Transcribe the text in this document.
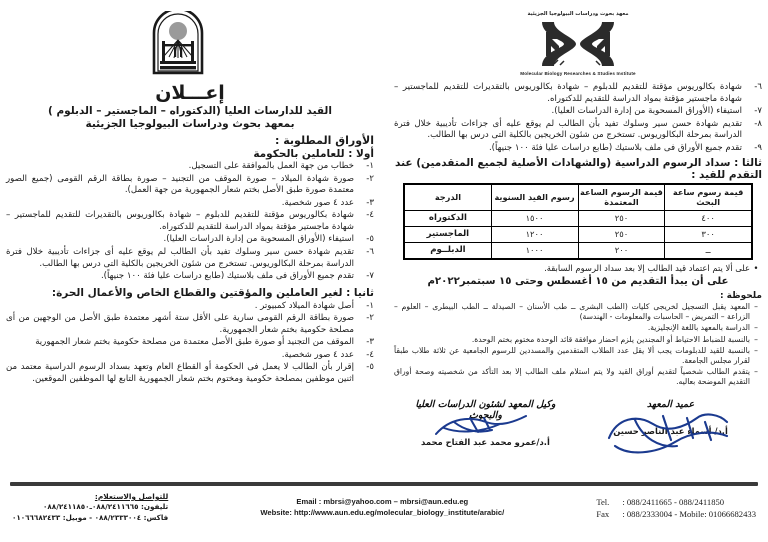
إعـــلان
القيد للدارسات العليا (الدكتوراه – الماجستير – الدبلوم )
بمعهد بحوث ودراسات البيولوجيا الجزيئية
الأوراق المطلوبة :
أولا : للعاملين بالحكومة
١-
خطاب من جهة العمل بالموافقة على التسجيل.
٢-
صورة شهادة الميلاد – صورة الموقف من التجنيد – صورة بطاقة الرقم القومى (جميع الصور معتمدة صورة طبق الأصل بختم شعار الجمهورية من جهة العمل).
٣-
عدد ٤ صور شخصية.
٤-
شهادة بكالوريوس مؤقتة للتقديم للدبلوم – شهادة بكالوريوس بالتقديرات للتقديم للماجستير – شهادة ماجستير مؤقتة بمواد الدراسة للتقديم للدكتوراه.
٥-
استيفاء (الأوراق المسحوبة من إدارة الدراسات العليا).
٦-
تقديم شهادة حسن سير وسلوك تفيد بأن الطالب لم يوقع عليه أى جزاءات تأديبية خلال فترة الدراسة بمرحلة البكالوريوس. تستخرج من شئون الخريجين بالكلية التى درس بها الطالب.
٧-
تقدم جميع الأوراق فى ملف بلاستيك (طابع دراسات عليا فئة ١٠٠ جنيهاً).
ثانيا : لغير العاملين والمؤقتين والقطاع الخاص والأعمال الحرة:
١-
أصل شهادة الميلاد كمبيوتر .
٢-
صورة بطاقة الرقم القومى سارية على الأقل ستة أشهر معتمدة طبق الأصل من الوجهين من أى مصلحة حكومية بختم شعار الجمهورية.
٣-
الموقف من التجنيد أو صورة طبق الأصل معتمدة من مصلحة حكومية بختم شعار الجمهورية
٤-
عدد ٤ صور شخصية.
٥-
إقرار بأن الطالب لا يعمل فى الحكومة أو القطاع العام وتعهد بسداد الرسوم الدراسية معتمد من اثنين موظفين بمصلحة حكومية ومختوم بختم شعار الجمهورية التابع لها الموظفين الموقعين.
معهد بحوث ودراسات البيولوجيا الجزيئية
Molecular Biology Researches & Studies Institute
٦-
شهادة بكالوريوس مؤقتة للتقديم للدبلوم – شهادة بكالوريوس بالتقديرات للتقديم للماجستير – شهادة ماجستير مؤقتة بمواد الدراسة للتقديم للدكتوراه.
٧-
استيفاء (الأوراق المسحوبة من إدارة الدراسات العليا).
٨-
تقديم شهادة حسن سير وسلوك تفيد بأن الطالب لم يوقع عليه أى جزاءات تأديبية خلال فترة الدراسة بمرحلة البكالوريوس. تستخرج من شئون الخريجين بالكلية التى درس بها الطالب.
٩-
تقدم جميع الأوراق فى ملف بلاستيك (طابع دراسات عليا فئة ١٠٠ جنيهاً).
ثالثا : سداد الرسوم الدراسية (والشهادات الأصلية لجميع المتقدمين) عند التقدم للقيد :
قيمة رسوم ساعة البحث	قيمة الرسوم الساعة المعتمدة	رسوم القيد السنوية	الدرجة
٤٠٠	٢٥٠	١٥٠٠	الدكتوراه
٣٠٠	٢٥٠	١٢٠٠	الماجستير
ــ	٢٠٠	١٠٠٠	الدبلــوم
•
على ألا يتم اعتماد قيد الطالب إلا بعد سداد الرسوم السابقة.
على أن يبدأ التقديم من ١٥ أغسطس وحتى ١٥ سبتمبر٢٠٢٢م
ملحوظة :
–
المعهد يقبل التسجيل لخريجى كليات (الطب البشرى ــ طب الأسنان – الصيدلة ــ الطب البيطرى – العلوم – الزراعة – التمريض – الحاسبات والمعلومات - الهندسة)
–
الدراسة بالمعهد باللغة الإنجليزية.
–
بالنسبة للضباط الاحتياط أو المجندين يلزم احضار موافقة قائد الوحدة مختوم بختم الوحدة.
–
بالنسبة للقيد للدبلومات يجب ألا يقل عدد الطلاب المتقدمين والمسددين للرسوم الجامعية عن ثلاثة طلاب طبقاً لقرار مجلس الجامعة.
–
يتقدم الطالب شخصياً لتقديم أوراق القيد ولا يتم استلام ملف الطالب إلا بعد التأكد من شخصيته وصحة أوراق التقديم الموضحة بعاليه.
وكيل المعهد لشئون الدراسات العليا والبحوث
أ.د/عمرو محمد عبد الفتاح محمد
عميد المعهد
أ.د/ أسماء عبد الناصر حسين
للتواصل والاستعلام:
تليفون: ٠٨٨/٢٤١١٦٦٥ـ٠٨٨/٢٤١١٨٥٠
فاكس: ٠٨٨/٢٣٣٣٠٠٤ - موبيل: ٠١٠٦٦٦٨٢٤٣٣
Email : mbrsi@yahoo.com – mbrsi@aun.edu.eg
Website: http://www.aun.edu.eg/molecular_biology_institute/arabic/
Tel. : 088/2411665 - 088/2411850
Fax : 088/2333004 - Mobile: 01066682433
